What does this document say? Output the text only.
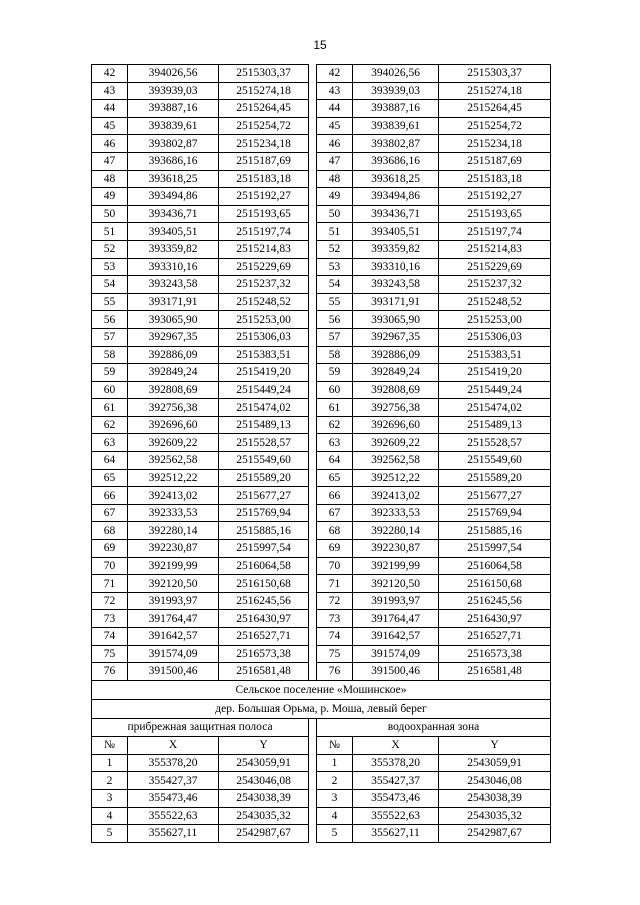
15
42	394026,56	2515303,37		42	394026,56	2515303,37
43	393939,03	2515274,18		43	393939,03	2515274,18
44	393887,16	2515264,45		44	393887,16	2515264,45
45	393839,61	2515254,72		45	393839,61	2515254,72
46	393802,87	2515234,18		46	393802,87	2515234,18
47	393686,16	2515187,69		47	393686,16	2515187,69
48	393618,25	2515183,18		48	393618,25	2515183,18
49	393494,86	2515192,27		49	393494,86	2515192,27
50	393436,71	2515193,65		50	393436,71	2515193,65
51	393405,51	2515197,74		51	393405,51	2515197,74
52	393359,82	2515214,83		52	393359,82	2515214,83
53	393310,16	2515229,69		53	393310,16	2515229,69
54	393243,58	2515237,32		54	393243,58	2515237,32
55	393171,91	2515248,52		55	393171,91	2515248,52
56	393065,90	2515253,00		56	393065,90	2515253,00
57	392967,35	2515306,03		57	392967,35	2515306,03
58	392886,09	2515383,51		58	392886,09	2515383,51
59	392849,24	2515419,20		59	392849,24	2515419,20
60	392808,69	2515449,24		60	392808,69	2515449,24
61	392756,38	2515474,02		61	392756,38	2515474,02
62	392696,60	2515489,13		62	392696,60	2515489,13
63	392609,22	2515528,57		63	392609,22	2515528,57
64	392562,58	2515549,60		64	392562,58	2515549,60
65	392512,22	2515589,20		65	392512,22	2515589,20
66	392413,02	2515677,27		66	392413,02	2515677,27
67	392333,53	2515769,94		67	392333,53	2515769,94
68	392280,14	2515885,16		68	392280,14	2515885,16
69	392230,87	2515997,54		69	392230,87	2515997,54
70	392199,99	2516064,58		70	392199,99	2516064,58
71	392120,50	2516150,68		71	392120,50	2516150,68
72	391993,97	2516245,56		72	391993,97	2516245,56
73	391764,47	2516430,97		73	391764,47	2516430,97
74	391642,57	2516527,71		74	391642,57	2516527,71
75	391574,09	2516573,38		75	391574,09	2516573,38
76	391500,46	2516581,48		76	391500,46	2516581,48
Сельское поселение «Мошинское»						
дер. Большая Орьма, р. Моша, левый берег						
прибрежная защитная полоса				водоохранная зона		
№	X	Y		№	X	Y
1	355378,20	2543059,91		1	355378,20	2543059,91
2	355427,37	2543046,08		2	355427,37	2543046,08
3	355473,46	2543038,39		3	355473,46	2543038,39
4	355522,63	2543035,32		4	355522,63	2543035,32
5	355627,11	2542987,67		5	355627,11	2542987,67
